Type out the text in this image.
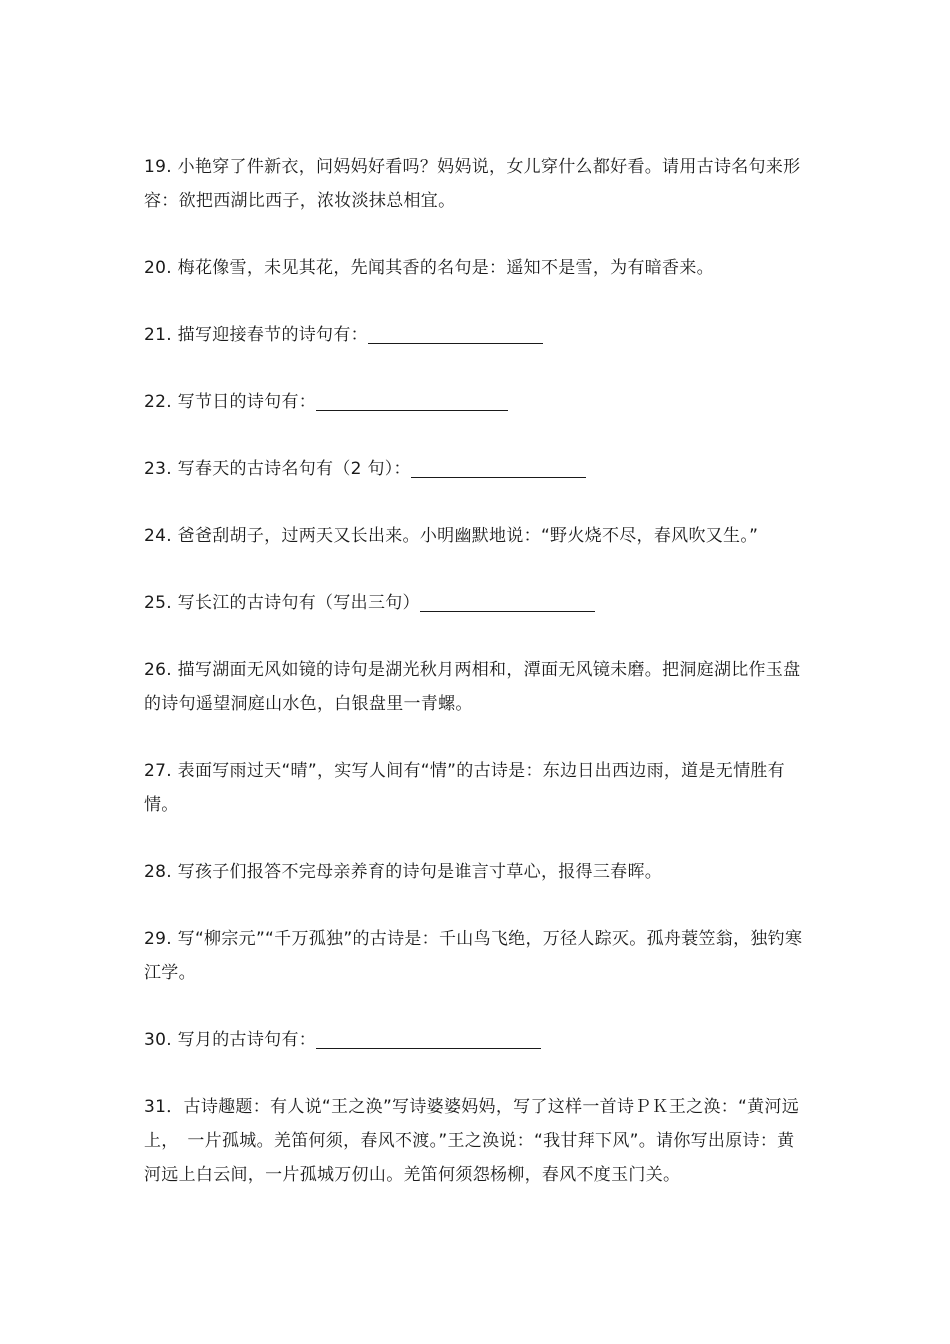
19. 小艳穿了件新衣，问妈妈好看吗？妈妈说，女儿穿什么都好看。请用古诗名句来形容：欲把西湖比西子，浓妆淡抹总相宜。

20. 梅花像雪，未见其花，先闻其香的名句是：遥知不是雪，为有暗香来。

21. 描写迎接春节的诗句有：

22. 写节日的诗句有：

23. 写春天的古诗名句有（2 句）：

24. 爸爸刮胡子，过两天又长出来。小明幽默地说：“野火烧不尽，春风吹又生。”

25. 写长江的古诗句有（写出三句）

26. 描写湖面无风如镜的诗句是湖光秋月两相和，潭面无风镜未磨。把洞庭湖比作玉盘的诗句遥望洞庭山水色，白银盘里一青螺。

27. 表面写雨过天“晴”，实写人间有“情”的古诗是：东边日出西边雨，道是无情胜有情。

28. 写孩子们报答不完母亲养育的诗句是谁言寸草心，报得三春晖。

29. 写“柳宗元”“千万孤独”的古诗是：千山鸟飞绝，万径人踪灭。孤舟蓑笠翁，独钓寒江学。

30. 写月的古诗句有：

31．古诗趣题：有人说“王之涣”写诗婆婆妈妈，写了这样一首诗ＰＫ王之涣：“黄河远上，　一片孤城。羌笛何须，春风不渡。”王之涣说：“我甘拜下风”。请你写出原诗：黄河远上白云间，一片孤城万仞山。羌笛何须怨杨柳，春风不度玉门关。
